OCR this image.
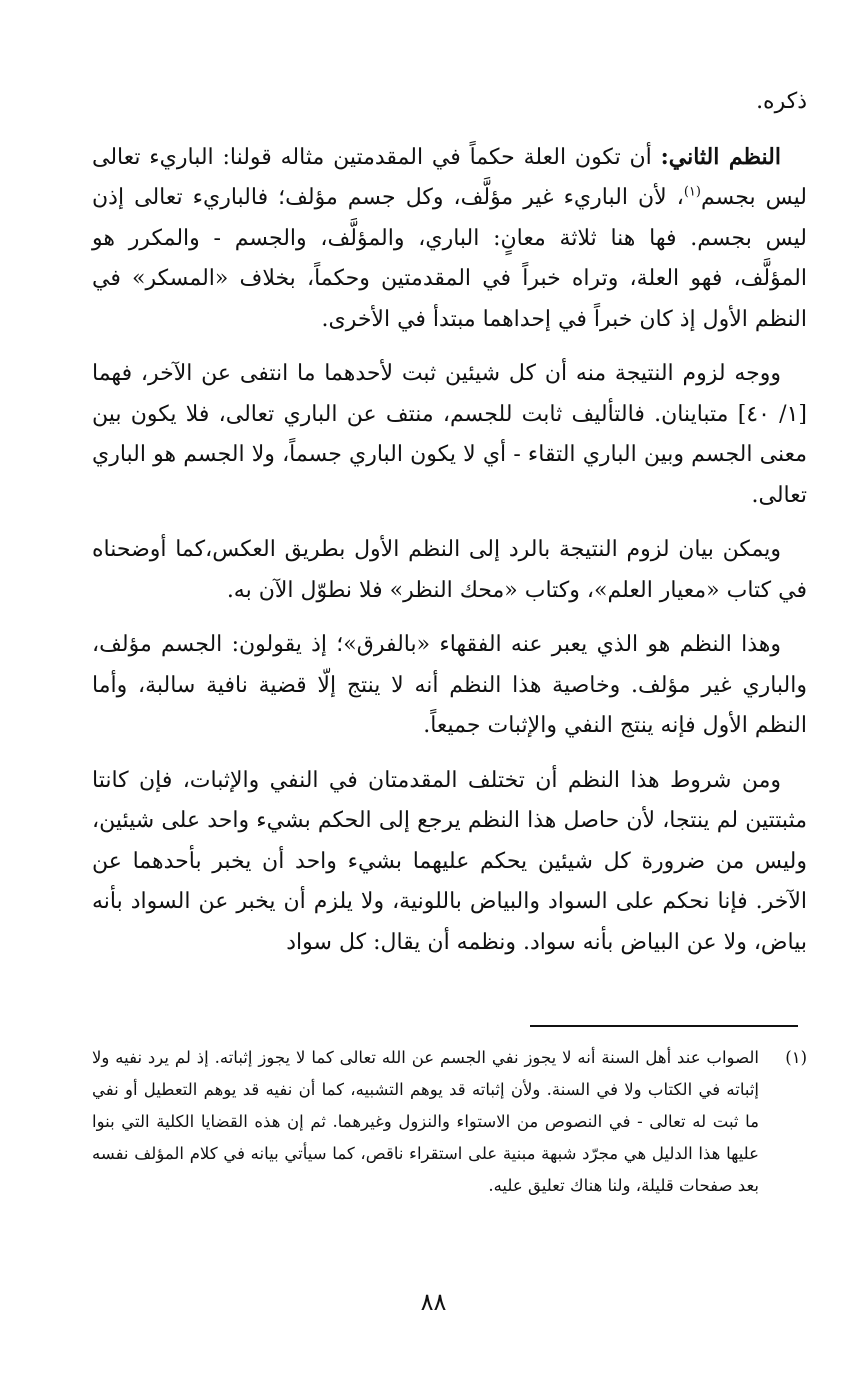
ذكره.

النظم الثاني: أن تكون العلة حكماً في المقدمتين مثاله قولنا: الباريء تعالى ليس بجسم$^{(١)}$، لأن الباريء غير مؤلَّف، وكل جسم مؤلف؛ فالباريء تعالى إذن ليس بجسم. فها هنا ثلاثة معانٍ: الباري، والمؤلَّف، والجسم - والمكرر هو المؤلَّف، فهو العلة، وتراه خبراً في المقدمتين وحكماً، بخلاف «المسكر» في النظم الأول إذ كان خبراً في إحداهما مبتدأ في الأخرى.

ووجه لزوم النتيجة منه أن كل شيئين ثبت لأحدهما ما انتفى عن الآخر، فهما [١/ ٤٠] متباينان. فالتأليف ثابت للجسم، منتف عن الباري تعالى، فلا يكون بين معنى الجسم وبين الباري التقاء - أي لا يكون الباري جسماً، ولا الجسم هو الباري تعالى.

ويمكن بيان لزوم النتيجة بالرد إلى النظم الأول بطريق العكس،كما أوضحناه في كتاب «معيار العلم»، وكتاب «محك النظر» فلا نطوّل الآن به.

وهذا النظم هو الذي يعبر عنه الفقهاء «بالفرق»؛ إذ يقولون: الجسم مؤلف، والباري غير مؤلف. وخاصية هذا النظم أنه لا ينتج إلّا قضية نافية سالبة، وأما النظم الأول فإنه ينتج النفي والإثبات جميعاً.

ومن شروط هذا النظم أن تختلف المقدمتان في النفي والإثبات، فإن كانتا مثبتتين لم ينتجا، لأن حاصل هذا النظم يرجع إلى الحكم بشيء واحد على شيئين، وليس من ضرورة كل شيئين يحكم عليهما بشيء واحد أن يخبر بأحدهما عن الآخر. فإنا نحكم على السواد والبياض باللونية، ولا يلزم أن يخبر عن السواد بأنه بياض، ولا عن البياض بأنه سواد. ونظمه أن يقال: كل سواد

(١)
الصواب عند أهل السنة أنه لا يجوز نفي الجسم عن الله تعالى كما لا يجوز إثباته. إذ لم يرد نفيه ولا إثباته في الكتاب ولا في السنة. ولأن إثباته قد يوهم التشبيه، كما أن نفيه قد يوهم التعطيل أو نفي ما ثبت له تعالى - في النصوص من الاستواء والنزول وغيرهما. ثم إن هذه القضايا الكلية التي بنوا عليها هذا الدليل هي مجرّد شبهة مبنية على استقراء ناقص، كما سيأتي بيانه في كلام المؤلف نفسه بعد صفحات قليلة، ولنا هناك تعليق عليه.
٨٨
